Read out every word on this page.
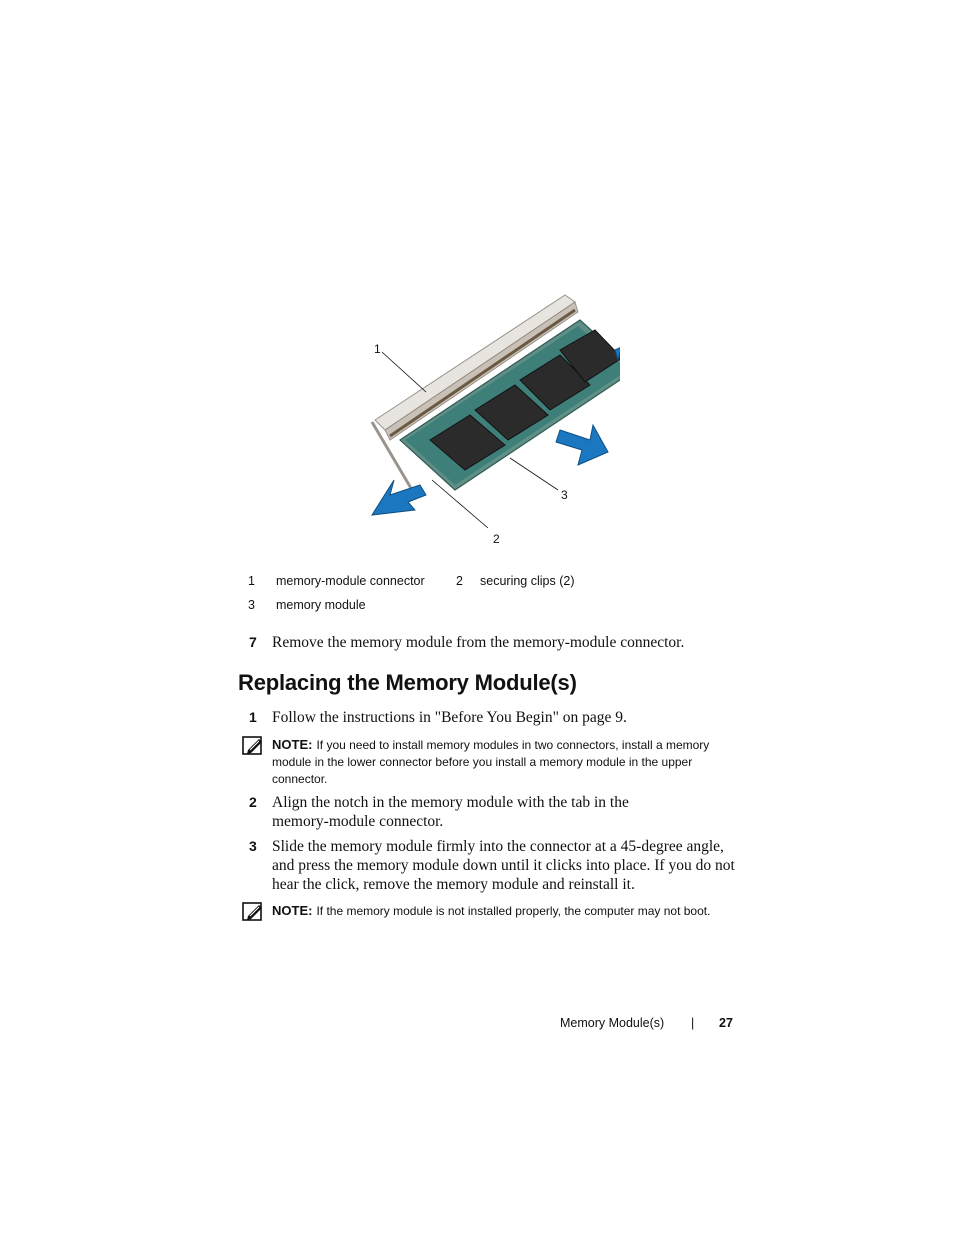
1
2
3
1 memory-module connector	2 securing clips (2)
3 memory module
7 Remove the memory module from the memory-module connector.
Replacing the Memory Module(s)
1 Follow the instructions in "Before You Begin" on page 9.
NOTE: If you need to install memory modules in two connectors, install a memory
module in the lower connector before you install a memory module in the upper
connector.
2 Align the notch in the memory module with the tab in the
memory-module connector.
3 Slide the memory module firmly into the connector at a 45-degree angle,
and press the memory module down until it clicks into place. If you do not
hear the click, remove the memory module and reinstall it.
NOTE: If the memory module is not installed properly, the computer may not boot.
Memory Module(s) | 27
